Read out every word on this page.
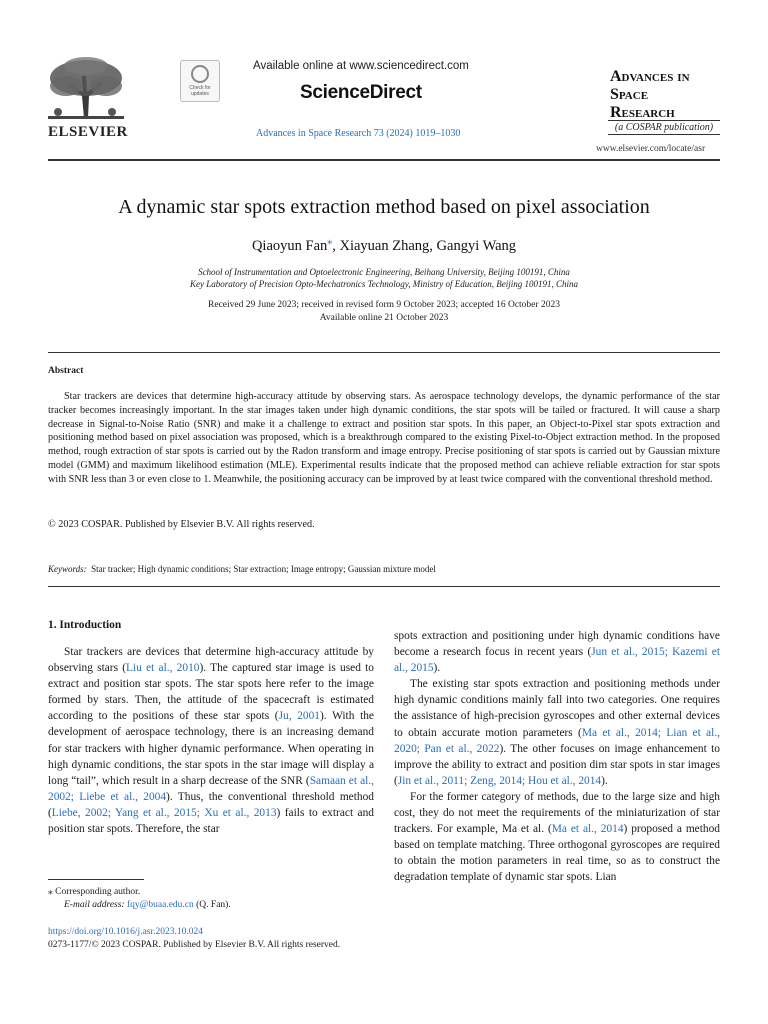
ELSEVIER
Check for updates
Available online at www.sciencedirect.com
ScienceDirect
Advances in Space Research 73 (2024) 1019–1030
Advances in
Space
Research
(a COSPAR publication)
www.elsevier.com/locate/asr
A dynamic star spots extraction method based on pixel association
Qiaoyun Fan⁎, Xiayuan Zhang, Gangyi Wang
School of Instrumentation and Optoelectronic Engineering, Beihang University, Beijing 100191, China
Key Laboratory of Precision Opto-Mechatronics Technology, Ministry of Education, Beijing 100191, China
Received 29 June 2023; received in revised form 9 October 2023; accepted 16 October 2023
Available online 21 October 2023
Abstract
Star trackers are devices that determine high-accuracy attitude by observing stars. As aerospace technology develops, the dynamic performance of the star tracker becomes increasingly important. In the star images taken under high dynamic conditions, the star spots will be tailed or fractured. It will cause a sharp decrease in Signal-to-Noise Ratio (SNR) and make it a challenge to extract and position star spots. In this paper, an Object-to-Pixel star spots extraction and positioning method based on pixel association was proposed, which is a breakthrough compared to the existing Pixel-to-Object extraction method. In the proposed method, rough extraction of star spots is carried out by the Radon transform and image entropy. Precise positioning of star spots is carried out by Gaussian mixture model (GMM) and maximum likelihood estimation (MLE). Experimental results indicate that the proposed method can achieve reliable extraction for star spots with SNR less than 3 or even close to 1. Meanwhile, the positioning accuracy can be improved by at least twice compared with the conventional threshold method.
© 2023 COSPAR. Published by Elsevier B.V. All rights reserved.
Keywords: Star tracker; High dynamic conditions; Star extraction; Image entropy; Gaussian mixture model
1. Introduction

Star trackers are devices that determine high-accuracy attitude by observing stars (Liu et al., 2010). The captured star image is used to extract and position star spots. The star spots here refer to the image formed by stars. Then, the attitude of the spacecraft is estimated according to the positions of these star spots (Ju, 2001). With the development of aerospace technology, there is an increasing demand for star trackers with higher dynamic performance. When operating in high dynamic conditions, the star spots in the star image will display a long “tail”, which result in a sharp decrease of the SNR (Samaan et al., 2002; Liebe et al., 2004). Thus, the conventional threshold method (Liebe, 2002; Yang et al., 2015; Xu et al., 2013) fails to extract and position star spots. Therefore, the star

spots extraction and positioning under high dynamic conditions have become a research focus in recent years (Jun et al., 2015; Kazemi et al., 2015).

The existing star spots extraction and positioning methods under high dynamic conditions mainly fall into two categories. One requires the assistance of high-precision gyroscopes and other external devices to obtain accurate motion parameters (Ma et al., 2014; Lian et al., 2020; Pan et al., 2022). The other focuses on image enhancement to improve the ability to extract and position dim star spots in star images (Jin et al., 2011; Zeng, 2014; Hou et al., 2014).

For the former category of methods, due to the large size and high cost, they do not meet the requirements of the miniaturization of star trackers. For example, Ma et al. (Ma et al., 2014) proposed a method based on template matching. Three orthogonal gyroscopes are required to obtain the motion parameters in real time, so as to construct the degradation template of dynamic star spots. Lian

⁎ Corresponding author.
E-mail address: fqy@buaa.edu.cn (Q. Fan).
https://doi.org/10.1016/j.asr.2023.10.024
0273-1177/© 2023 COSPAR. Published by Elsevier B.V. All rights reserved.
